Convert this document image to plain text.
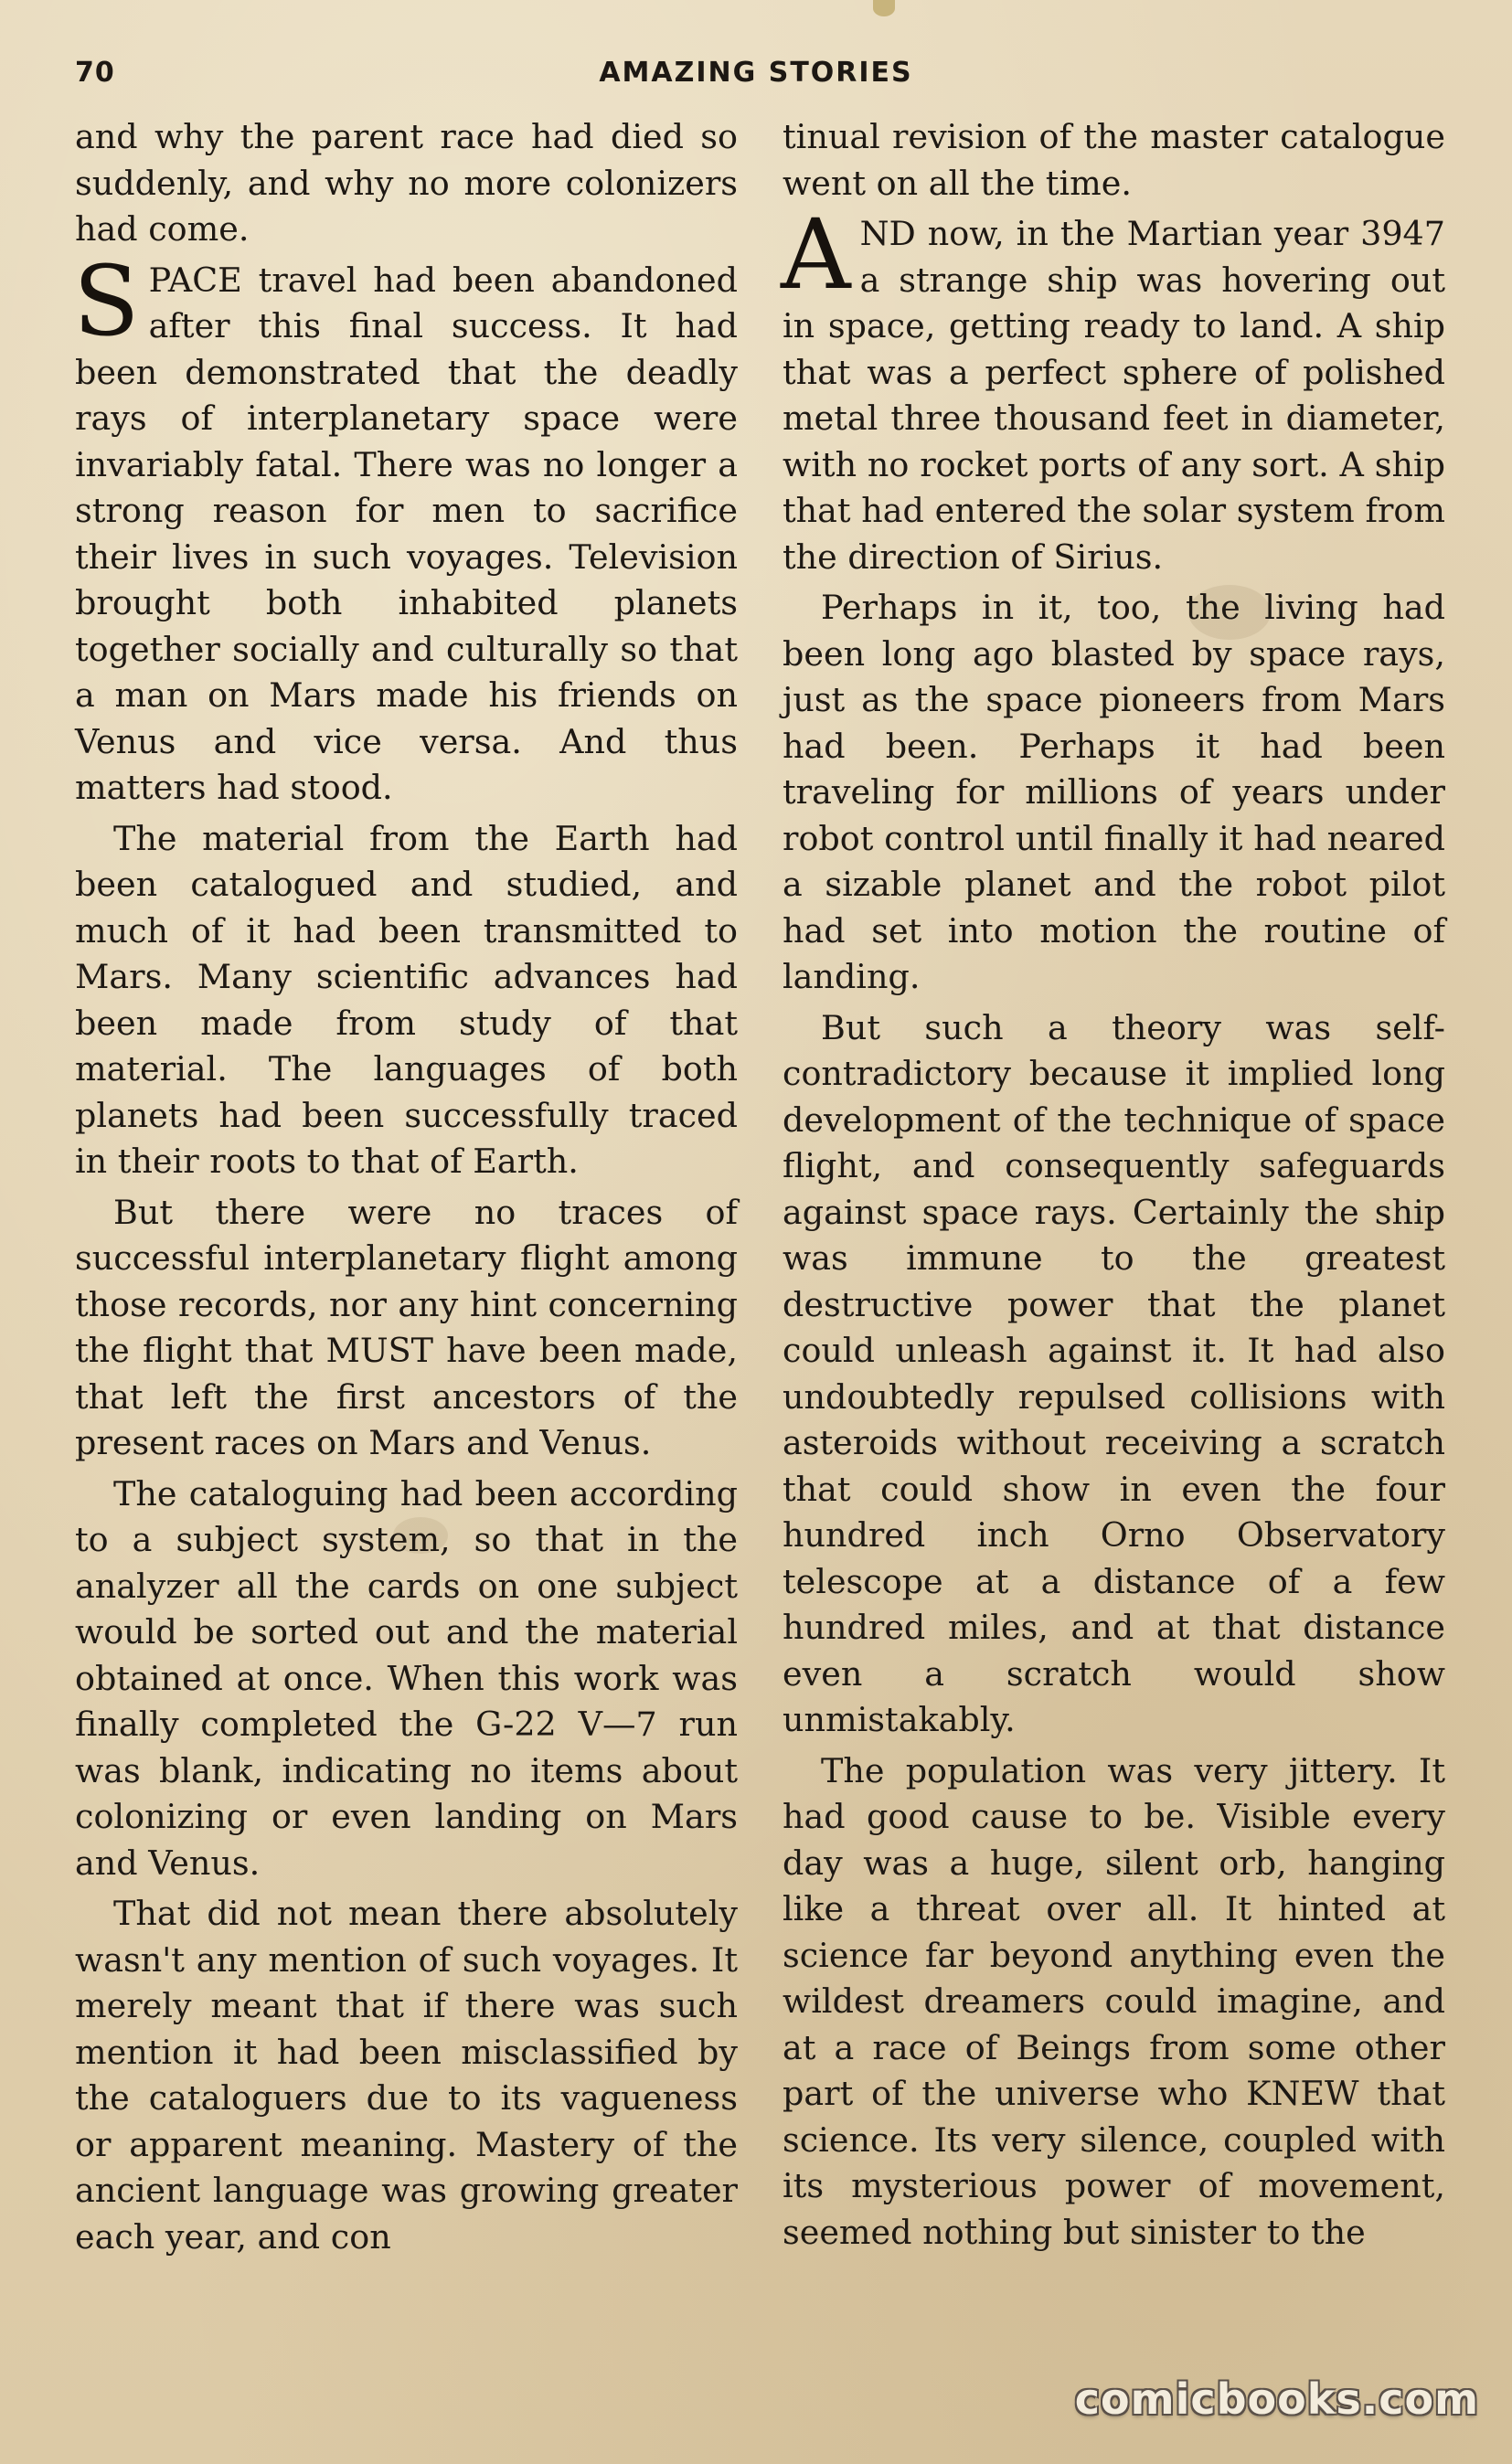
70	AMAZING STORIES

and why the parent race had died so suddenly, and why no more colonizers had come.

SPACE travel had been abandoned after this final success. It had been demonstrated that the deadly rays of interplanetary space were invariably fatal. There was no longer a strong reason for men to sacrifice their lives in such voyages. Television brought both inhabited planets together socially and culturally so that a man on Mars made his friends on Venus and vice versa. And thus matters had stood.

The material from the Earth had been catalogued and studied, and much of it had been transmitted to Mars. Many scientific advances had been made from study of that material. The languages of both planets had been successfully traced in their roots to that of Earth.

But there were no traces of successful interplanetary flight among those records, nor any hint concerning the flight that MUST have been made, that left the first ancestors of the present races on Mars and Venus.

The cataloguing had been according to a subject system, so that in the analyzer all the cards on one subject would be sorted out and the material obtained at once. When this work was finally completed the G-22 V—7 run was blank, indicating no items about colonizing or even landing on Mars and Venus.

That did not mean there absolutely wasn't any mention of such voyages. It merely meant that if there was such mention it had been misclassified by the cataloguers due to its vagueness or apparent meaning. Mastery of the ancient language was growing greater each year, and con

tinual revision of the master catalogue went on all the time.

AND now, in the Martian year 3947 a strange ship was hovering out in space, getting ready to land. A ship that was a perfect sphere of polished metal three thousand feet in diameter, with no rocket ports of any sort. A ship that had entered the solar system from the direction of Sirius.

Perhaps in it, too, the living had been long ago blasted by space rays, just as the space pioneers from Mars had been. Perhaps it had been traveling for millions of years under robot control until finally it had neared a sizable planet and the robot pilot had set into motion the routine of landing.

But such a theory was self-contradictory because it implied long development of the technique of space flight, and consequently safeguards against space rays. Certainly the ship was immune to the greatest destructive power that the planet could unleash against it. It had also undoubtedly repulsed collisions with asteroids without receiving a scratch that could show in even the four hundred inch Orno Observatory telescope at a distance of a few hundred miles, and at that distance even a scratch would show unmistakably.

The population was very jittery. It had good cause to be. Visible every day was a huge, silent orb, hanging like a threat over all. It hinted at science far beyond anything even the wildest dreamers could imagine, and at a race of Beings from some other part of the universe who KNEW that science. Its very silence, coupled with its mysterious power of movement, seemed nothing but sinister to the

comicbooks.com
